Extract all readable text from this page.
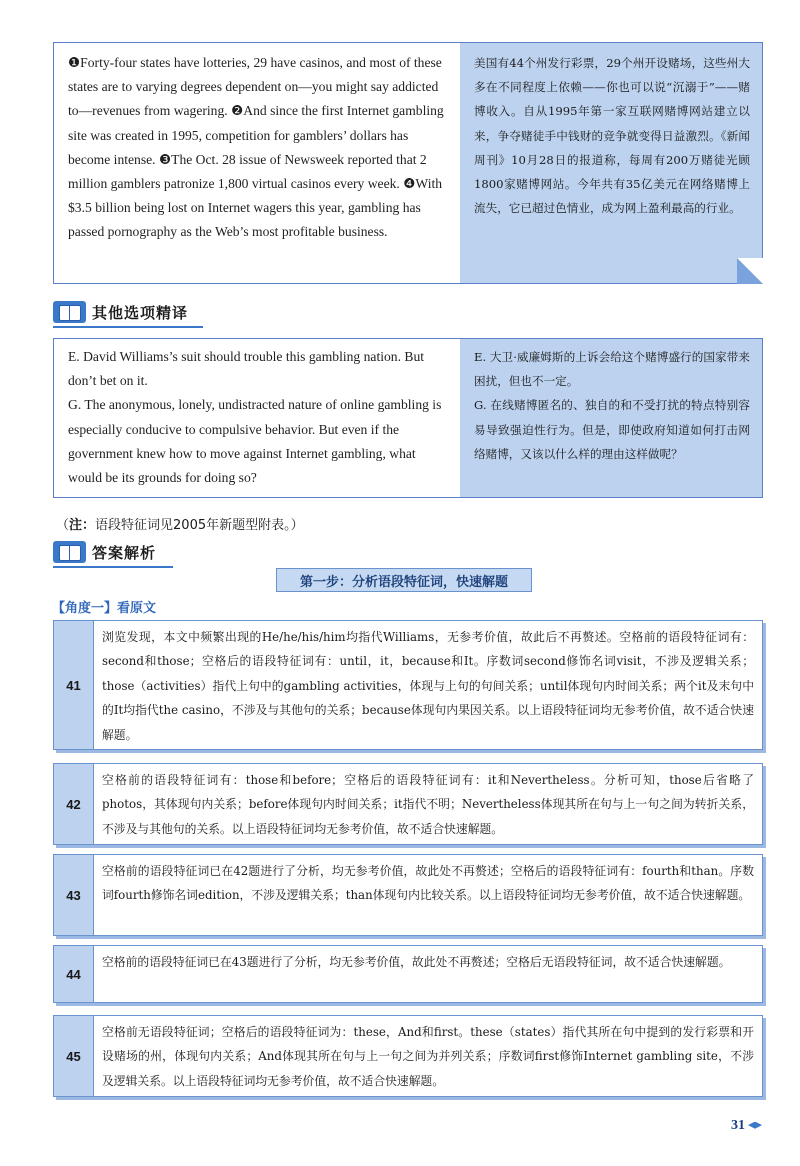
❶Forty-four states have lotteries, 29 have casinos, and most of these states are to varying degrees dependent on—you might say addicted to—revenues from wagering. ❷And since the first Internet gambling site was created in 1995, competition for gamblers’ dollars has become intense. ❸The Oct. 28 issue of Newsweek reported that 2 million gamblers patronize 1,800 virtual casinos every week. ❹With $3.5 billion being lost on Internet wagers this year, gambling has passed pornography as the Web’s most profitable business.
美国有44个州发行彩票，29个州开设赌场，这些州大多在不同程度上依赖——你也可以说“沉溺于”——赌博收入。自从1995年第一家互联网赌博网站建立以来，争夺赌徒手中钱财的竞争就变得日益激烈。《新闻周刊》10月28日的报道称，每周有200万赌徒光顾1800家赌博网站。今年共有35亿美元在网络赌博上流失，它已超过色情业，成为网上盈利最高的行业。
其他选项精译
E. David Williams’s suit should trouble this gambling nation. But don’t bet on it.
G. The anonymous, lonely, undistracted nature of online gambling is especially conducive to compulsive behavior. But even if the government knew how to move against Internet gambling, what would be its grounds for doing so?
E. 大卫·威廉姆斯的上诉会给这个赌博盛行的国家带来困扰，但也不一定。
G. 在线赌博匿名的、独自的和不受打扰的特点特别容易导致强迫性行为。但是，即使政府知道如何打击网络赌博，又该以什么样的理由这样做呢？
（注：语段特征词见2005年新题型附表。）
答案解析
第一步：分析语段特征词，快速解题
【角度一】看原文
41
浏览发现，本文中频繁出现的He/he/his/him均指代Williams，无参考价值，故此后不再赘述。空格前的语段特征词有：second和those；空格后的语段特征词有：until，it，because和It。序数词second修饰名词visit，不涉及逻辑关系；those（activities）指代上句中的gambling activities，体现与上句的句间关系；until体现句内时间关系；两个it及末句中的It均指代the casino，不涉及与其他句的关系；because体现句内果因关系。以上语段特征词均无参考价值，故不适合快速解题。
42
空格前的语段特征词有：those和before；空格后的语段特征词有：it和Nevertheless。分析可知，those后省略了photos，其体现句内关系；before体现句内时间关系；it指代不明；Nevertheless体现其所在句与上一句之间为转折关系，不涉及与其他句的关系。以上语段特征词均无参考价值，故不适合快速解题。
43
空格前的语段特征词已在42题进行了分析，均无参考价值，故此处不再赘述；空格后的语段特征词有：fourth和than。序数词fourth修饰名词edition，不涉及逻辑关系；than体现句内比较关系。以上语段特征词均无参考价值，故不适合快速解题。
44
空格前的语段特征词已在43题进行了分析，均无参考价值，故此处不再赘述；空格后无语段特征词，故不适合快速解题。
45
空格前无语段特征词；空格后的语段特征词为：these，And和first。these（states）指代其所在句中提到的发行彩票和开设赌场的州，体现句内关系；And体现其所在句与上一句之间为并列关系；序数词first修饰Internet gambling site，不涉及逻辑关系。以上语段特征词均无参考价值，故不适合快速解题。
31
